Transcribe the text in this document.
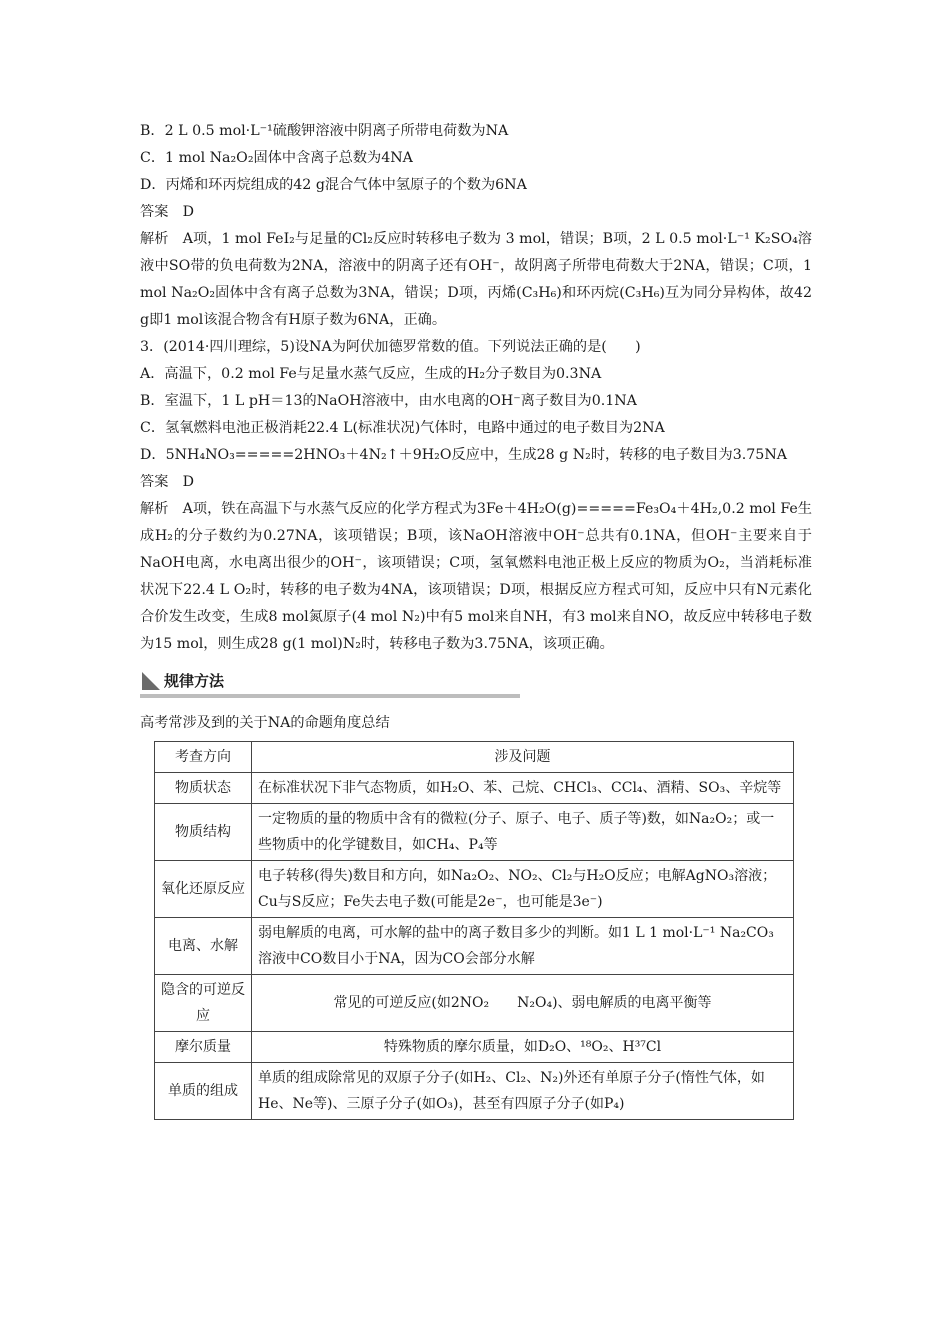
B．2 L 0.5 mol·L⁻¹硫酸钾溶液中阴离子所带电荷数为NA
C．1 mol Na₂O₂固体中含离子总数为4NA
D．丙烯和环丙烷组成的42 g混合气体中氢原子的个数为6NA
答案　D
解析　A项，1 mol FeI₂与足量的Cl₂反应时转移电子数为 3 mol，错误；B项，2 L 0.5 mol·L⁻¹ K₂SO₄溶液中SO带的负电荷数为2NA，溶液中的阴离子还有OH⁻，故阴离子所带电荷数大于2NA，错误；C项，1 mol Na₂O₂固体中含有离子总数为3NA，错误；D项，丙烯(C₃H₆)和环丙烷(C₃H₆)互为同分异构体，故42 g即1 mol该混合物含有H原子数为6NA，正确。
3．(2014·四川理综，5)设NA为阿伏加德罗常数的值。下列说法正确的是(　　)
A．高温下，0.2 mol Fe与足量水蒸气反应，生成的H₂分子数目为0.3NA
B．室温下，1 L pH＝13的NaOH溶液中，由水电离的OH⁻离子数目为0.1NA
C．氢氧燃料电池正极消耗22.4 L(标准状况)气体时，电路中通过的电子数目为2NA
D．5NH₄NO₃=====2HNO₃＋4N₂↑＋9H₂O反应中，生成28 g N₂时，转移的电子数目为3.75NA
答案　D
解析　A项，铁在高温下与水蒸气反应的化学方程式为3Fe＋4H₂O(g)=====Fe₃O₄＋4H₂,0.2 mol Fe生成H₂的分子数约为0.27NA，该项错误；B项，该NaOH溶液中OH⁻总共有0.1NA，但OH⁻主要来自于NaOH电离，水电离出很少的OH⁻，该项错误；C项，氢氧燃料电池正极上反应的物质为O₂，当消耗标准状况下22.4 L O₂时，转移的电子数为4NA，该项错误；D项，根据反应方程式可知，反应中只有N元素化合价发生改变，生成8 mol氮原子(4 mol N₂)中有5 mol来自NH，有3 mol来自NO，故反应中转移电子数为15 mol，则生成28 g(1 mol)N₂时，转移电子数为3.75NA，该项正确。
规律方法
高考常涉及到的关于NA的命题角度总结
考查方向	涉及问题
物质状态	在标准状况下非气态物质，如H₂O、苯、己烷、CHCl₃、CCl₄、酒精、SO₃、辛烷等
物质结构	一定物质的量的物质中含有的微粒(分子、原子、电子、质子等)数，如Na₂O₂；或一些物质中的化学键数目，如CH₄、P₄等
氧化还原反应	电子转移(得失)数目和方向，如Na₂O₂、NO₂、Cl₂与H₂O反应；电解AgNO₃溶液；Cu与S反应；Fe失去电子数(可能是2e⁻，也可能是3e⁻)
电离、水解	弱电解质的电离，可水解的盐中的离子数目多少的判断。如1 L 1 mol·L⁻¹ Na₂CO₃溶液中CO数目小于NA，因为CO会部分水解
隐含的可逆反应	常见的可逆反应(如2NO₂　　N₂O₄)、弱电解质的电离平衡等
摩尔质量	特殊物质的摩尔质量，如D₂O、¹⁸O₂、H³⁷Cl
单质的组成	单质的组成除常见的双原子分子(如H₂、Cl₂、N₂)外还有单原子分子(惰性气体，如He、Ne等)、三原子分子(如O₃)，甚至有四原子分子(如P₄)
